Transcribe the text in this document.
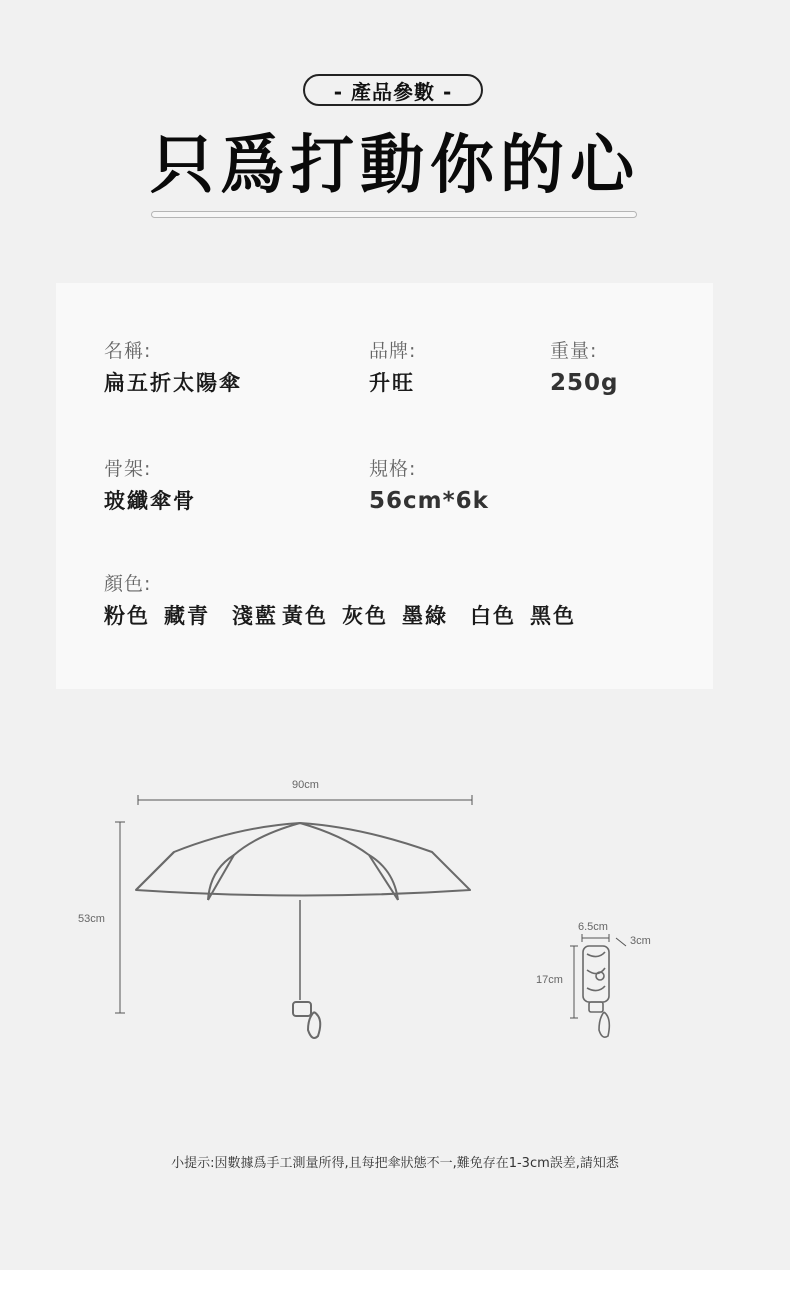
- 產品參數 -
只爲打動你的心
名稱:
扁五折太陽傘
品牌:
升旺
重量:
250g
骨架:
玻纖傘骨
規格:
56cm*6k
顏色:
粉色 藏青 淺藍 黃色 灰色 墨綠 白色 黑色
90cm
53cm
6.5cm
3cm
17cm
小提示:因數據爲手工測量所得,且每把傘狀態不一,難免存在1-3cm誤差,請知悉
